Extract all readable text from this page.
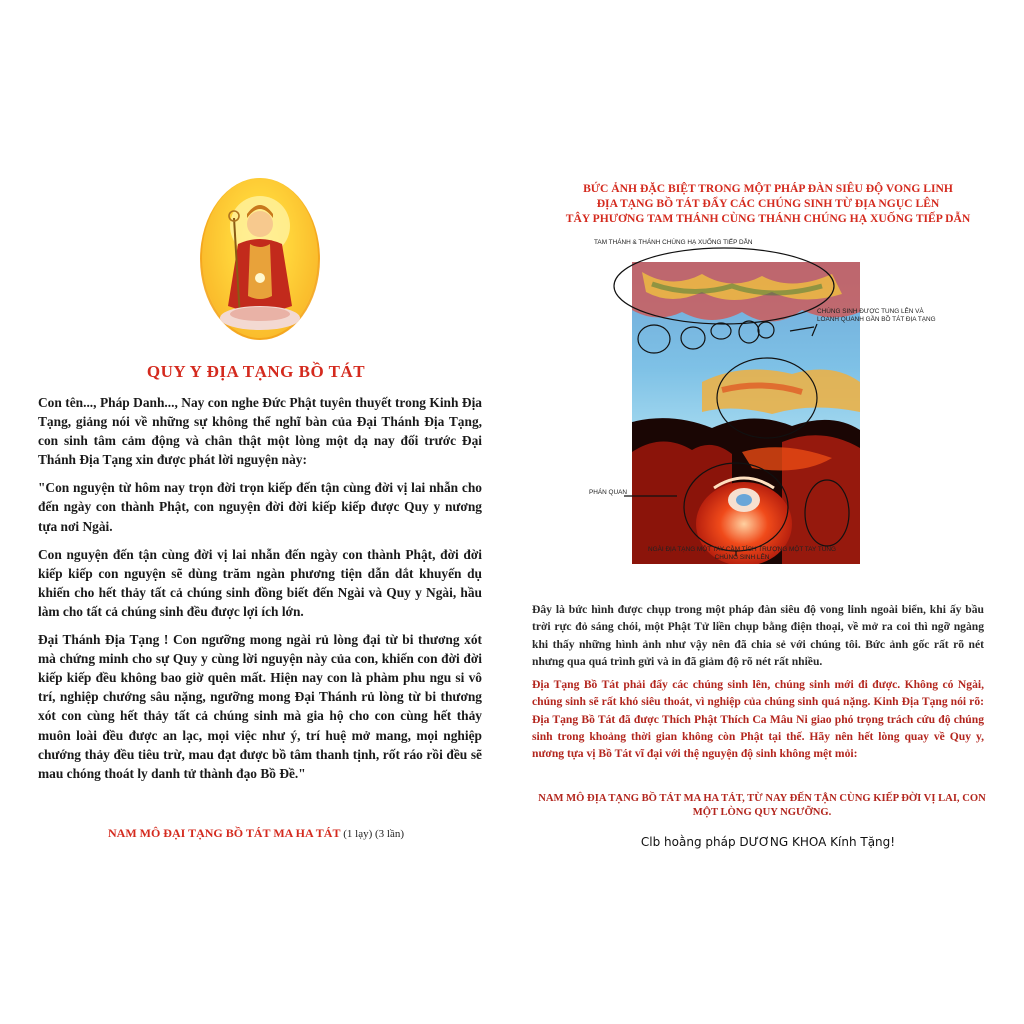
QUY Y ĐỊA TẠNG BỒ TÁT

Con tên..., Pháp Danh..., Nay con nghe Đức Phật tuyên thuyết trong Kinh Địa Tạng, giảng nói về những sự không thể nghĩ bàn của Đại Thánh Địa Tạng, con sinh tâm cảm động và chân thật một lòng một dạ nay đối trước Đại Thánh Địa Tạng xin được phát lời nguyện này:

"Con nguyện từ hôm nay trọn đời trọn kiếp đến tận cùng đời vị lai nhẫn cho đến ngày con thành Phật, con nguyện đời đời kiếp kiếp được Quy y nương tựa nơi Ngài.

Con nguyện đến tận cùng đời vị lai nhẫn đến ngày con thành Phật, đời đời kiếp kiếp con nguyện sẽ dùng trăm ngàn phương tiện dẫn dắt khuyến dụ khiến cho hết thảy tất cả chúng sinh đồng biết đến Ngài và Quy y Ngài, hầu làm cho tất cả chúng sinh đều được lợi ích lớn.

Đại Thánh Địa Tạng ! Con ngưỡng mong ngài rủ lòng đại từ bi thương xót mà chứng minh cho sự Quy y cùng lời nguyện này của con, khiến con đời đời kiếp kiếp đều không bao giờ quên mất. Hiện nay con là phàm phu ngu si vô trí, nghiệp chướng sâu nặng, ngưỡng mong Đại Thánh rủ lòng từ bi thương xót con cùng hết thảy tất cả chúng sinh mà gia hộ cho con cùng hết thảy muôn loài đều được an lạc, mọi việc như ý, trí huệ mở mang, mọi nghiệp chướng thảy đều tiêu trừ, mau đạt được bồ tâm thanh tịnh, rốt ráo rồi đều sẽ mau chóng thoát ly danh tử thành đạo Bồ Đề."

NAM MÔ ĐẠI TẠNG BỒ TÁT MA HA TÁT (1 lạy) (3 lần)
BỨC ẢNH ĐẶC BIỆT TRONG MỘT PHÁP ĐÀN SIÊU ĐỘ VONG LINH
ĐỊA TẠNG BỒ TÁT ĐẨY CÁC CHÚNG SINH TỪ ĐỊA NGỤC LÊN
TÂY PHƯƠNG TAM THÁNH CÙNG THÁNH CHÚNG HẠ XUỐNG TIẾP DẪN
TAM THÁNH & THÁNH CHÚNG HẠ XUỐNG TIẾP DẪN
CHÚNG SINH ĐƯỢC TUNG LÊN VÀ LOANH QUANH GẦN BỒ TÁT ĐỊA TẠNG
PHÁN QUAN
NGÀI ĐỊA TẠNG MỘT TAY CẦM TÍCH TRƯỢNG MỘT TAY TUNG CHÚNG SINH LÊN

Đây là bức hình được chụp trong một pháp đàn siêu độ vong linh ngoài biển, khi ấy bầu trời rực đỏ sáng chói, một Phật Tử liền chụp bằng điện thoại, về mở ra coi thì ngỡ ngàng khi thấy những hình ảnh như vậy nên đã chia sẻ với chúng tôi. Bức ảnh gốc rất rõ nét nhưng qua quá trình gửi và in đã giảm độ rõ nét rất nhiều.

Địa Tạng Bồ Tát phải đẩy các chúng sinh lên, chúng sinh mới đi được. Không có Ngài, chúng sinh sẽ rất khó siêu thoát, vì nghiệp của chúng sinh quá nặng. Kinh Địa Tạng nói rõ: Địa Tạng Bồ Tát đã được Thích Phật Thích Ca Mâu Ni giao phó trọng trách cứu độ chúng sinh trong khoảng thời gian không còn Phật tại thế. Hãy nên hết lòng quay về Quy y, nương tựa vị Bồ Tát vĩ đại với thệ nguyện độ sinh không mệt mỏi:

NAM MÔ ĐỊA TẠNG BỒ TÁT MA HA TÁT, TỪ NAY ĐẾN TẬN CÙNG KIẾP ĐỜI VỊ LAI, CON MỘT LÒNG QUY NGƯỠNG.
Clb hoằng pháp DƯƠNG KHOA Kính Tặng!
